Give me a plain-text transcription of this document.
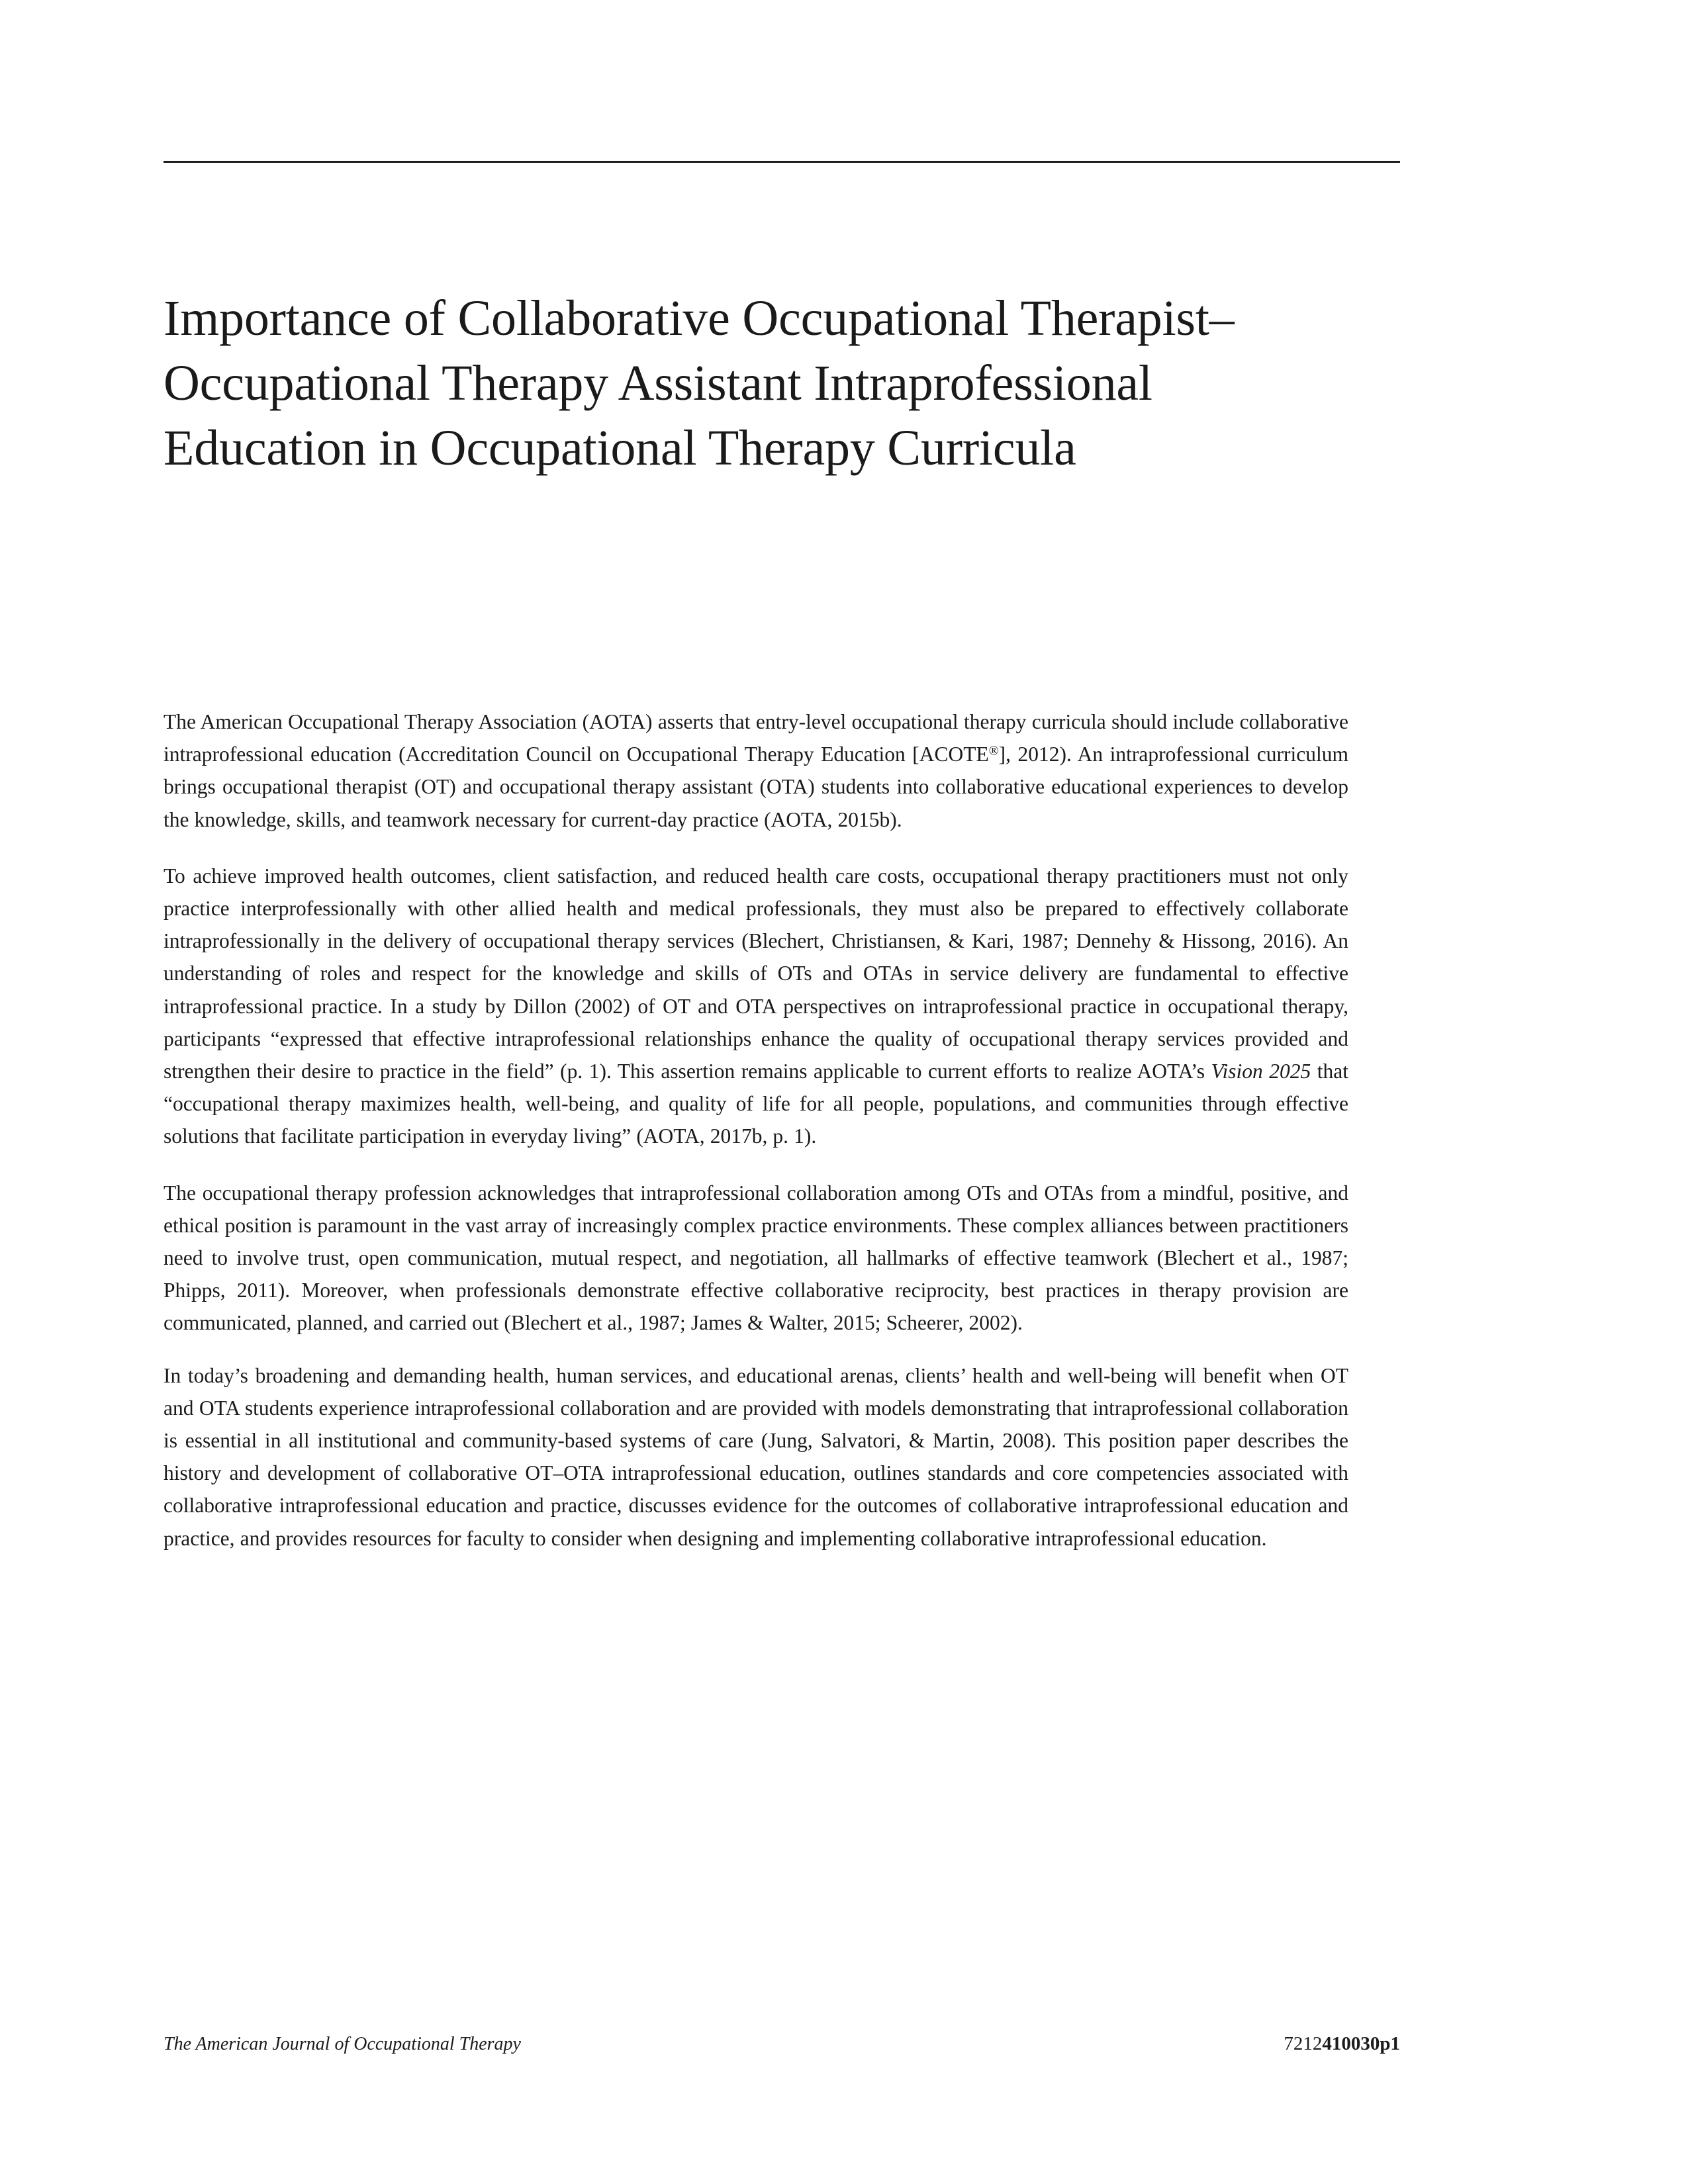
Importance of Collaborative Occupational Therapist–Occupational Therapy Assistant Intraprofessional Education in Occupational Therapy Curricula

The American Occupational Therapy Association (AOTA) asserts that entry-level occupational therapy curricula should include collaborative intraprofessional education (Accreditation Council on Occupational Therapy Education [ACOTE®], 2012). An intraprofessional curriculum brings occupational therapist (OT) and occupational therapy assistant (OTA) students into collaborative educational experiences to develop the knowledge, skills, and teamwork necessary for current-day practice (AOTA, 2015b).

To achieve improved health outcomes, client satisfaction, and reduced health care costs, occupational therapy practitioners must not only practice interprofessionally with other allied health and medical professionals, they must also be prepared to effectively collaborate intraprofessionally in the delivery of occupational therapy services (Blechert, Christiansen, & Kari, 1987; Dennehy & Hissong, 2016). An understanding of roles and respect for the knowledge and skills of OTs and OTAs in service delivery are fundamental to effective intraprofessional practice. In a study by Dillon (2002) of OT and OTA perspectives on intraprofessional practice in occupational therapy, participants “expressed that effective intraprofessional relationships enhance the quality of occupational therapy services provided and strengthen their desire to practice in the field” (p. 1). This assertion remains applicable to current efforts to realize AOTA’s Vision 2025 that “occupational therapy maximizes health, well-being, and quality of life for all people, populations, and communities through effective solutions that facilitate participation in everyday living” (AOTA, 2017b, p. 1).

The occupational therapy profession acknowledges that intraprofessional collaboration among OTs and OTAs from a mindful, positive, and ethical position is paramount in the vast array of increasingly complex practice environments. These complex alliances between practitioners need to involve trust, open communication, mutual respect, and negotiation, all hallmarks of effective teamwork (Blechert et al., 1987; Phipps, 2011). Moreover, when professionals demonstrate effective collaborative reciprocity, best practices in therapy provision are communicated, planned, and carried out (Blechert et al., 1987; James & Walter, 2015; Scheerer, 2002).

In today’s broadening and demanding health, human services, and educational arenas, clients’ health and well-being will benefit when OT and OTA students experience intraprofessional collaboration and are provided with models demonstrating that intraprofessional collaboration is essential in all institutional and community-based systems of care (Jung, Salvatori, & Martin, 2008). This position paper describes the history and development of collaborative OT–OTA intraprofessional education, outlines standards and core competencies associated with collaborative intraprofessional education and practice, discusses evidence for the outcomes of collaborative intraprofessional education and practice, and provides resources for faculty to consider when designing and implementing collaborative intraprofessional education.

The American Journal of Occupational Therapy	7212410030p1
